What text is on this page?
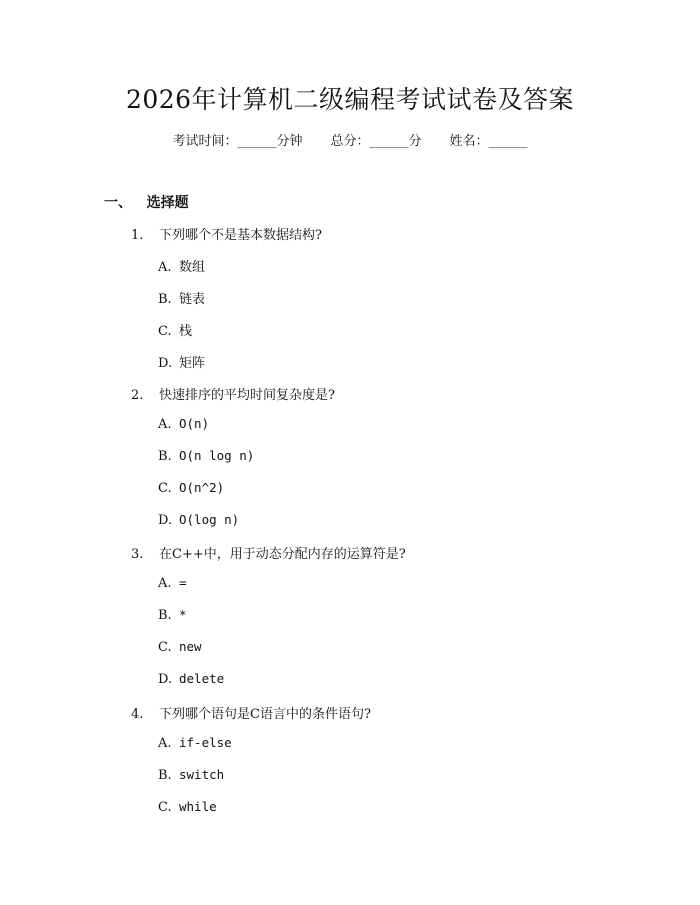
2026年计算机二级编程考试试卷及答案
考试时间：______分钟 总分：______分 姓名：______
一、 选择题
1. 下列哪个不是基本数据结构?
A. 数组
B. 链表
C. 栈
D. 矩阵
2. 快速排序的平均时间复杂度是?
A. O(n)
B. O(n log n)
C. O(n^2)
D. O(log n)
3. 在C++中，用于动态分配内存的运算符是?
A. =
B. *
C. new
D. delete
4. 下列哪个语句是C语言中的条件语句?
A. if-else
B. switch
C. while
